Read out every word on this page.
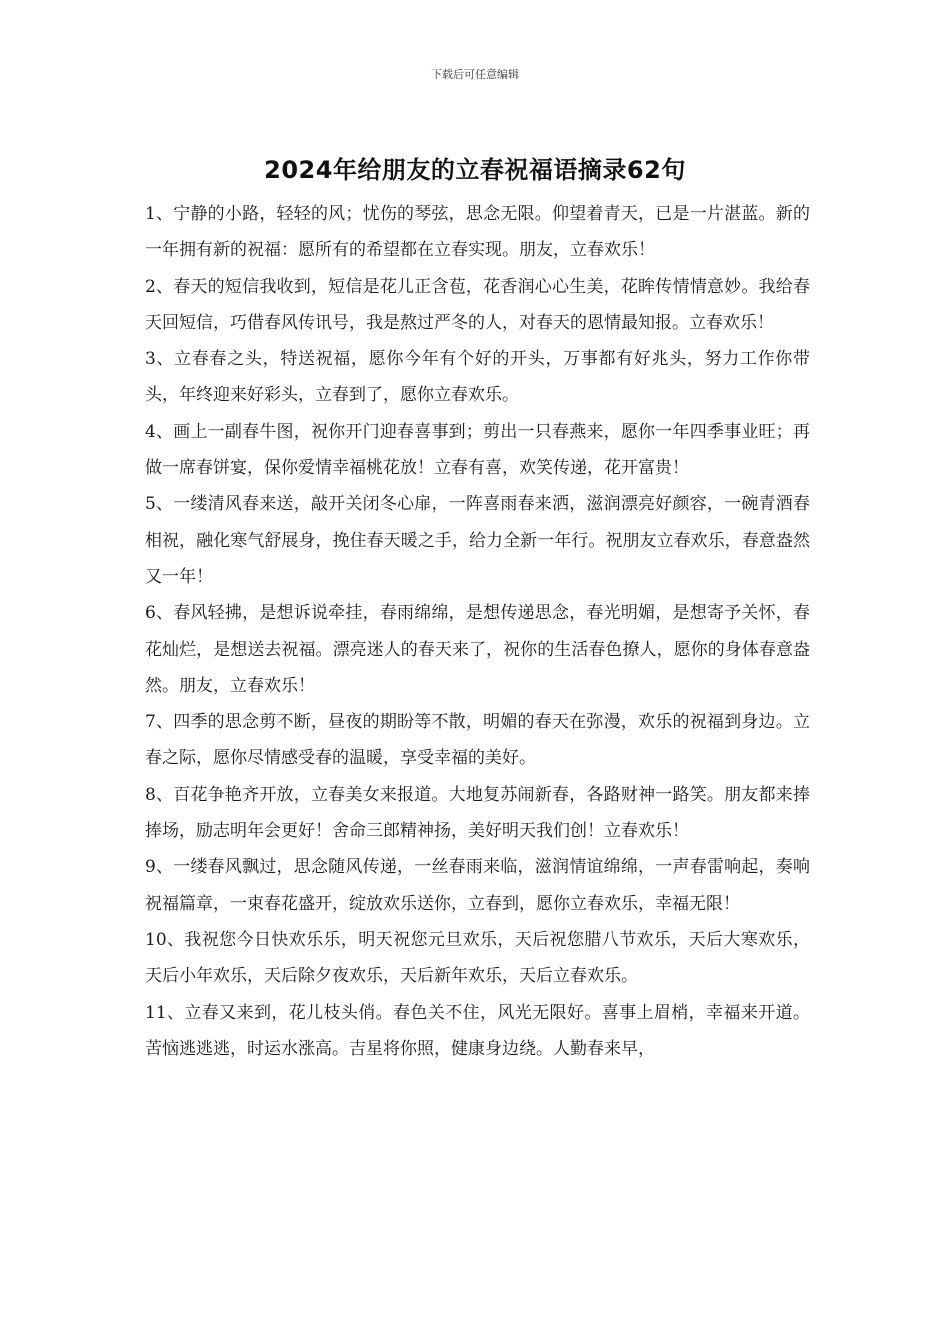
下载后可任意编辑
2024年给朋友的立春祝福语摘录62句

1、宁静的小路，轻轻的风；忧伤的琴弦，思念无限。仰望着青天，已是一片湛蓝。新的一年拥有新的祝福：愿所有的希望都在立春实现。朋友，立春欢乐！

2、春天的短信我收到，短信是花儿正含苞，花香润心心生美，花眸传情情意妙。我给春天回短信，巧借春风传讯号，我是熬过严冬的人，对春天的恩情最知报。立春欢乐！

3、立春春之头，特送祝福，愿你今年有个好的开头，万事都有好兆头，努力工作你带头，年终迎来好彩头，立春到了，愿你立春欢乐。

4、画上一副春牛图，祝你开门迎春喜事到；剪出一只春燕来，愿你一年四季事业旺；再做一席春饼宴，保你爱情幸福桃花放！立春有喜，欢笑传递，花开富贵！

5、一缕清风春来送，敲开关闭冬心扉，一阵喜雨春来洒，滋润漂亮好颜容，一碗青酒春相祝，融化寒气舒展身，挽住春天暖之手，给力全新一年行。祝朋友立春欢乐，春意盎然又一年！

6、春风轻拂，是想诉说牵挂，春雨绵绵，是想传递思念，春光明媚，是想寄予关怀，春花灿烂，是想送去祝福。漂亮迷人的春天来了，祝你的生活春色撩人，愿你的身体春意盎然。朋友，立春欢乐！

7、四季的思念剪不断，昼夜的期盼等不散，明媚的春天在弥漫，欢乐的祝福到身边。立春之际，愿你尽情感受春的温暖，享受幸福的美好。

8、百花争艳齐开放，立春美女来报道。大地复苏闹新春，各路财神一路笑。朋友都来捧捧场，励志明年会更好！舍命三郎精神扬，美好明天我们创！立春欢乐！

9、一缕春风飘过，思念随风传递，一丝春雨来临，滋润情谊绵绵，一声春雷响起，奏响祝福篇章，一束春花盛开，绽放欢乐送你，立春到，愿你立春欢乐，幸福无限！

10、我祝您今日快欢乐乐，明天祝您元旦欢乐，天后祝您腊八节欢乐，天后大寒欢乐，天后小年欢乐，天后除夕夜欢乐，天后新年欢乐，天后立春欢乐。

11、立春又来到，花儿枝头俏。春色关不住，风光无限好。喜事上眉梢，幸福来开道。苦恼逃逃逃，时运水涨高。吉星将你照，健康身边绕。人勤春来早，
